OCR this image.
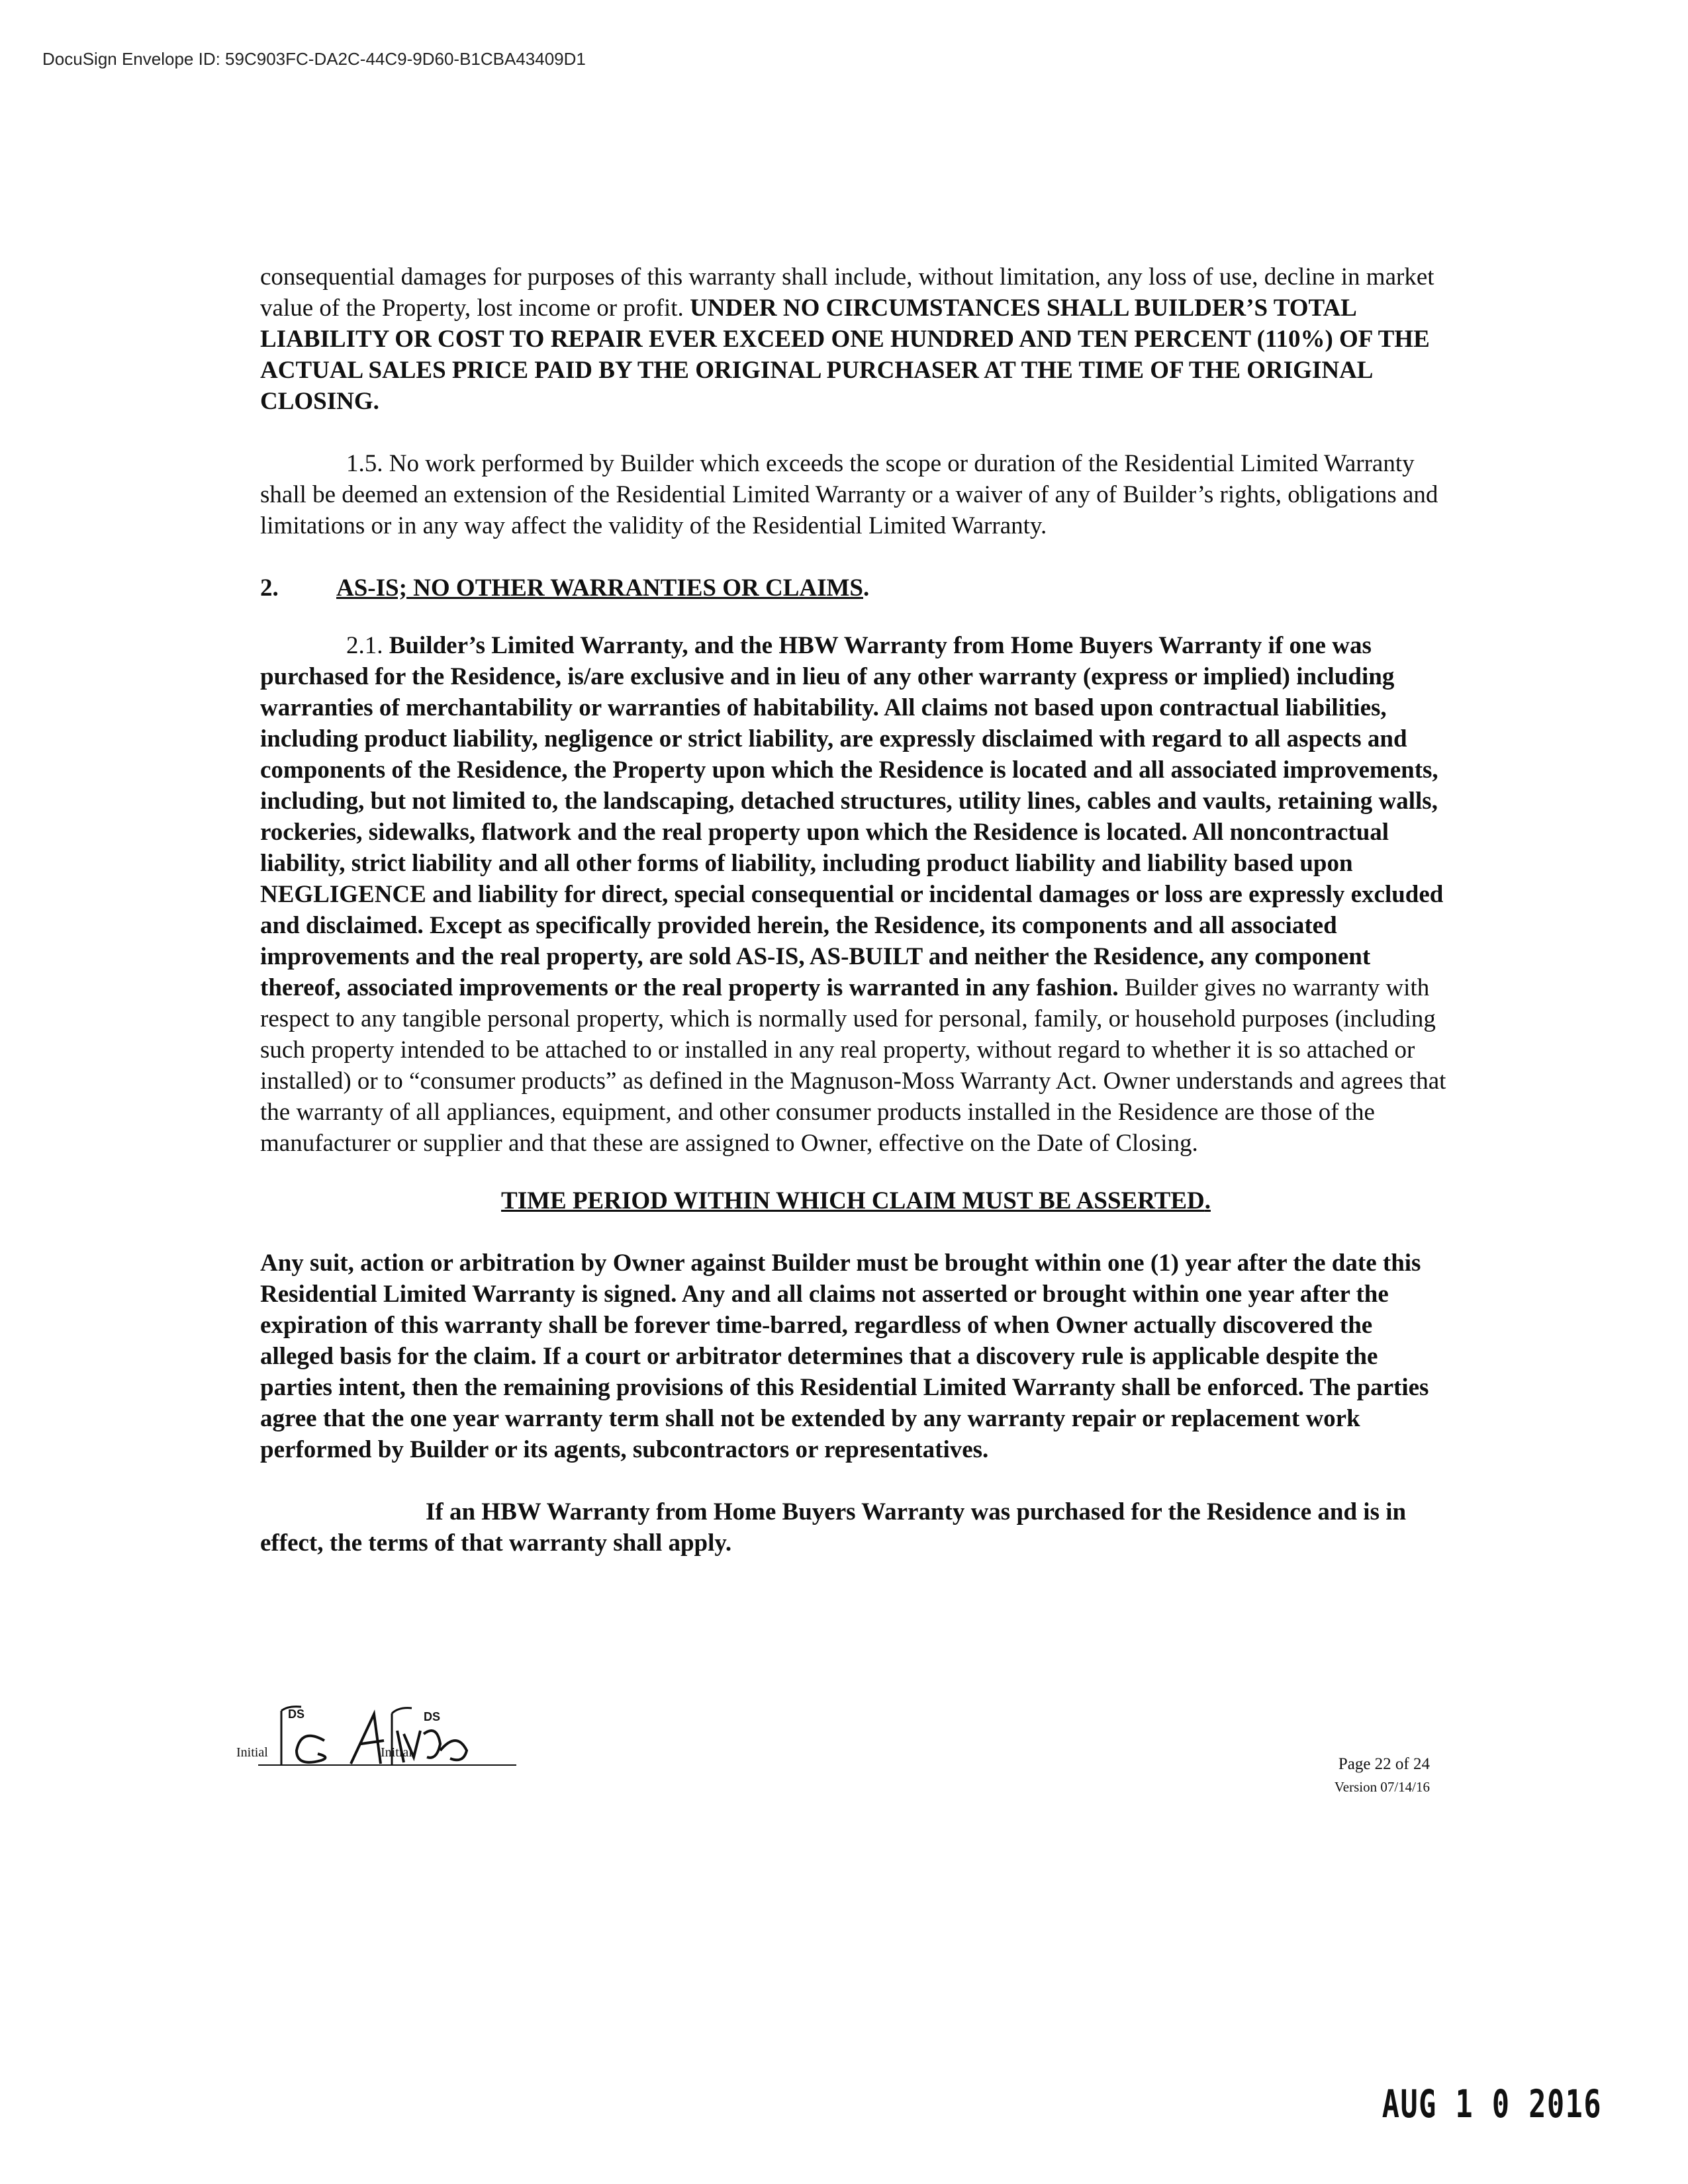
DocuSign Envelope ID: 59C903FC-DA2C-44C9-9D60-B1CBA43409D1

consequential damages for purposes of this warranty shall include, without limitation, any loss of use, decline in market value of the Property, lost income or profit. UNDER NO CIRCUMSTANCES SHALL BUILDER’S TOTAL LIABILITY OR COST TO REPAIR EVER EXCEED ONE HUNDRED AND TEN PERCENT (110%) OF THE ACTUAL SALES PRICE PAID BY THE ORIGINAL PURCHASER AT THE TIME OF THE ORIGINAL CLOSING.

1.5. No work performed by Builder which exceeds the scope or duration of the Residential Limited Warranty shall be deemed an extension of the Residential Limited Warranty or a waiver of any of Builder’s rights, obligations and limitations or in any way affect the validity of the Residential Limited Warranty.

2.	AS-IS; NO OTHER WARRANTIES OR CLAIMS .

2.1. Builder’s Limited Warranty, and the HBW Warranty from Home Buyers Warranty if one was purchased for the Residence, is/are exclusive and in lieu of any other warranty (express or implied) including warranties of merchantability or warranties of habitability. All claims not based upon contractual liabilities, including product liability, negligence or strict liability, are expressly disclaimed with regard to all aspects and components of the Residence, the Property upon which the Residence is located and all associated improvements, including, but not limited to, the landscaping, detached structures, utility lines, cables and vaults, retaining walls, rockeries, sidewalks, flatwork and the real property upon which the Residence is located. All noncontractual liability, strict liability and all other forms of liability, including product liability and liability based upon NEGLIGENCE and liability for direct, special consequential or incidental damages or loss are expressly excluded and disclaimed. Except as specifically provided herein, the Residence, its components and all associated improvements and the real property, are sold AS-IS, AS-BUILT and neither the Residence, any component thereof, associated improvements or the real property is warranted in any fashion. Builder gives no warranty with respect to any tangible personal property, which is normally used for personal, family, or household purposes (including such property intended to be attached to or installed in any real property, without regard to whether it is so attached or installed) or to “consumer products” as defined in the Magnuson-Moss Warranty Act. Owner understands and agrees that the warranty of all appliances, equipment, and other consumer products installed in the Residence are those of the manufacturer or supplier and that these are assigned to Owner, effective on the Date of Closing.

TIME PERIOD WITHIN WHICH CLAIM MUST BE ASSERTED.

Any suit, action or arbitration by Owner against Builder must be brought within one (1) year after the date this Residential Limited Warranty is signed. Any and all claims not asserted or brought within one year after the expiration of this warranty shall be forever time-barred, regardless of when Owner actually discovered the alleged basis for the claim. If a court or arbitrator determines that a discovery rule is applicable despite the parties intent, then the remaining provisions of this Residential Limited Warranty shall be enforced. The parties agree that the one year warranty term shall not be extended by any warranty repair or replacement work performed by Builder or its agents, subcontractors or representatives.

If an HBW Warranty from Home Buyers Warranty was purchased for the Residence and is in effect, the terms of that warranty shall apply.

DS	DS
Initial	Initial
Page 22 of 24
Version 07/14/16
AUG 1 0 2016
